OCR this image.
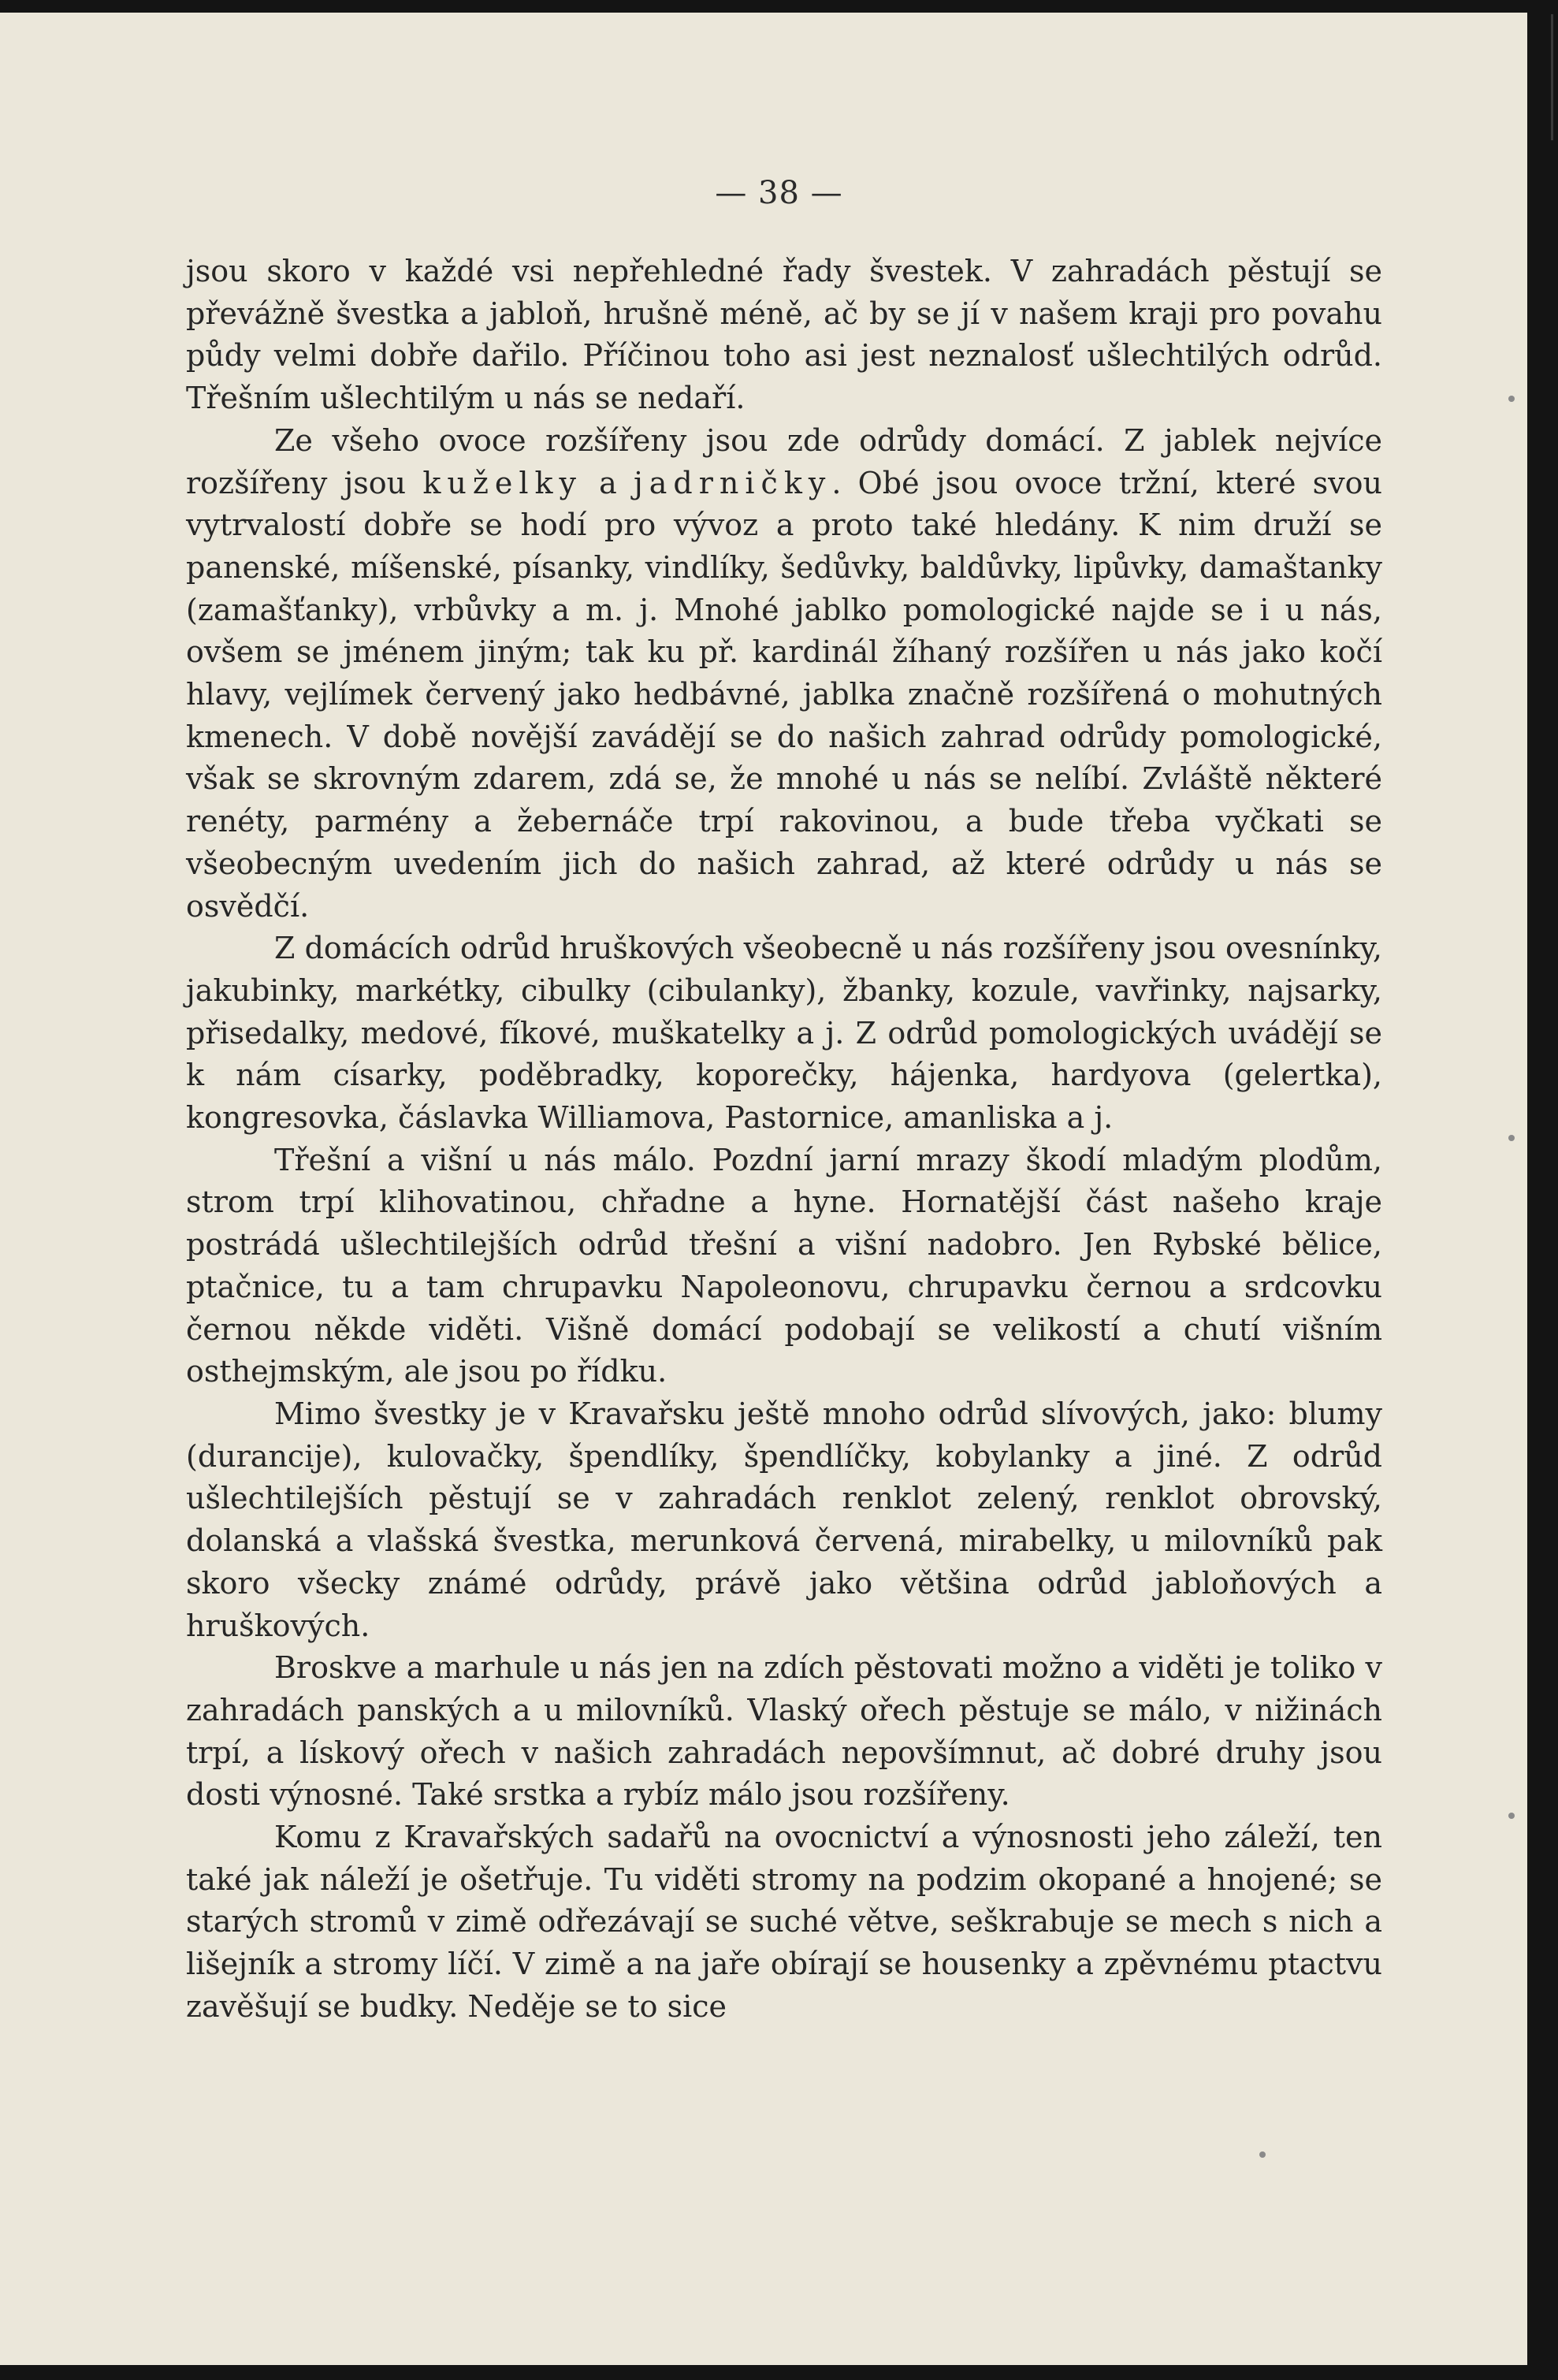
— 38 —

jsou skoro v každé vsi nepřehledné řady švestek. V zahradách pěstují se převážně švestka a jabloň, hrušně méně, ač by se jí v našem kraji pro povahu půdy velmi dobře dařilo. Příčinou toho asi jest neznalosť ušlechtilých odrůd. Třešním ušlechtilým u nás se nedaří.

Ze všeho ovoce rozšířeny jsou zde odrůdy domácí. Z jablek nejvíce rozšířeny jsou kuželky a jadrničky. Obé jsou ovoce tržní, které svou vytrvalostí dobře se hodí pro vývoz a proto také hledány. K nim druží se panenské, míšenské, písanky, vindlíky, šedůvky, baldůvky, lipůvky, damaštanky (zamašťanky), vrbůvky a m. j. Mnohé jablko pomologické najde se i u nás, ovšem se jménem jiným; tak ku př. kardinál žíhaný rozšířen u nás jako kočí hlavy, vejlímek červený jako hedbávné, jablka značně rozšířená o mohutných kmenech. V době novější zavádějí se do našich zahrad odrůdy pomologické, však se skrovným zdarem, zdá se, že mnohé u nás se nelíbí. Zvláště některé renéty, parmény a žebernáče trpí rakovinou, a bude třeba vyčkati se všeobecným uvedením jich do našich zahrad, až které odrůdy u nás se osvědčí.

Z domácích odrůd hruškových všeobecně u nás rozšířeny jsou ovesnínky, jakubinky, markétky, cibulky (cibulanky), žbanky, kozule, vavřinky, najsarky, přisedalky, medové, fíkové, muškatelky a j. Z odrůd pomologických uvádějí se k nám císarky, poděbradky, koporečky, hájenka, hardyova (gelertka), kongresovka, čáslavka Williamova, Pastornice, amanliska a j.

Třešní a višní u nás málo. Pozdní jarní mrazy škodí mladým plodům, strom trpí klihovatinou, chřadne a hyne. Hornatější část našeho kraje postrádá ušlechtilejších odrůd třešní a višní nadobro. Jen Rybské bělice, ptačnice, tu a tam chrupavku Napoleonovu, chrupavku černou a srdcovku černou někde viděti. Višně domácí podobají se velikostí a chutí višním osthejmským, ale jsou po řídku.

Mimo švestky je v Kravařsku ještě mnoho odrůd slívových, jako: blumy (durancije), kulovačky, špendlíky, špendlíčky, kobylanky a jiné. Z odrůd ušlechtilejších pěstují se v zahradách renklot zelený, renklot obrovský, dolanská a vlašská švestka, merunková červená, mirabelky, u milovníků pak skoro všecky známé odrůdy, právě jako většina odrůd jabloňových a hruškových.

Broskve a marhule u nás jen na zdích pěstovati možno a viděti je toliko v zahradách panských a u milovníků. Vlaský ořech pěstuje se málo, v nižinách trpí, a lískový ořech v našich zahradách nepovšímnut, ač dobré druhy jsou dosti výnosné. Také srstka a rybíz málo jsou rozšířeny.

Komu z Kravařských sadařů na ovocnictví a výnosnosti jeho záleží, ten také jak náleží je ošetřuje. Tu viděti stromy na podzim okopané a hnojené; se starých stromů v zimě odřezávají se suché větve, seškrabuje se mech s nich a lišejník a stromy líčí. V zimě a na jaře obírají se housenky a zpěvnému ptactvu zavěšují se budky. Neděje se to sice
